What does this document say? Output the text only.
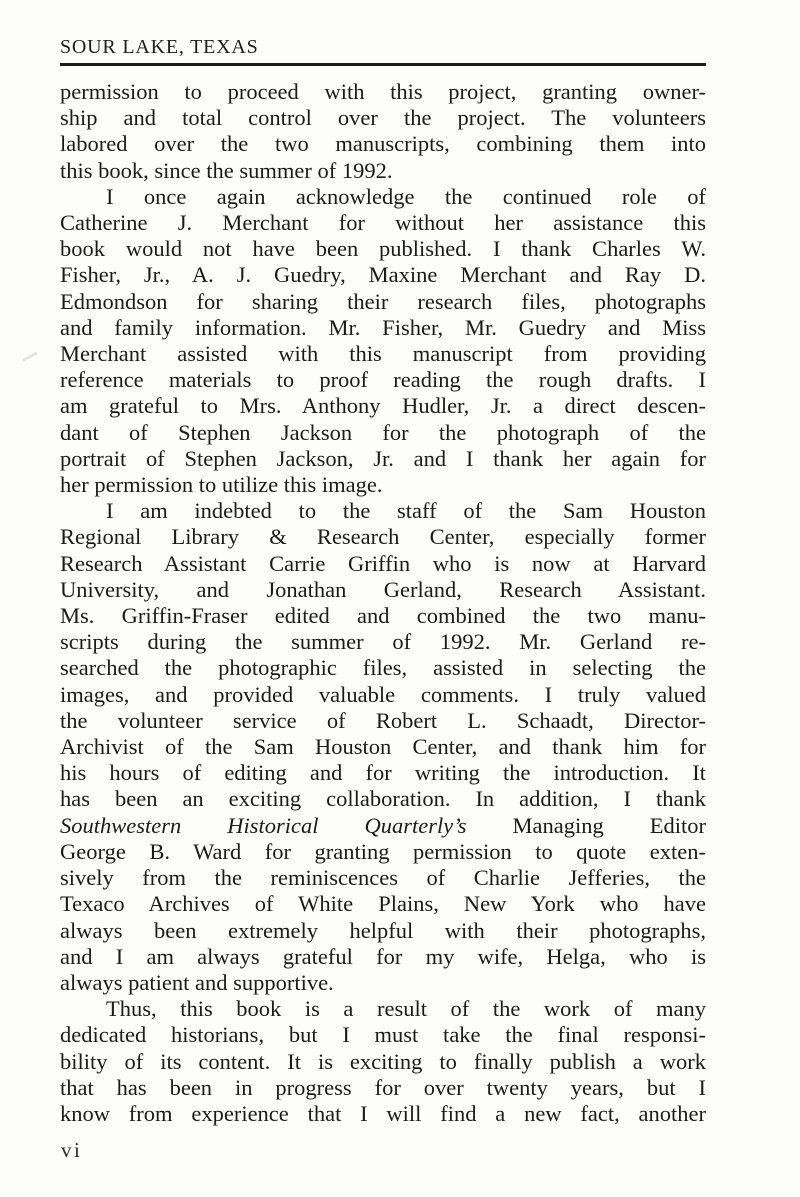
SOUR LAKE, TEXAS
permission to proceed with this project, granting owner-
ship and total control over the project. The volunteers
labored over the two manuscripts, combining them into
this book, since the summer of 1992.
I once again acknowledge the continued role of
Catherine J. Merchant for without her assistance this
book would not have been published. I thank Charles W.
Fisher, Jr., A. J. Guedry, Maxine Merchant and Ray D.
Edmondson for sharing their research files, photographs
and family information. Mr. Fisher, Mr. Guedry and Miss
Merchant assisted with this manuscript from providing
reference materials to proof reading the rough drafts. I
am grateful to Mrs. Anthony Hudler, Jr. a direct descen-
dant of Stephen Jackson for the photograph of the
portrait of Stephen Jackson, Jr. and I thank her again for
her permission to utilize this image.
I am indebted to the staff of the Sam Houston
Regional Library & Research Center, especially former
Research Assistant Carrie Griffin who is now at Harvard
University, and Jonathan Gerland, Research Assistant.
Ms. Griffin-Fraser edited and combined the two manu-
scripts during the summer of 1992. Mr. Gerland re-
searched the photographic files, assisted in selecting the
images, and provided valuable comments. I truly valued
the volunteer service of Robert L. Schaadt, Director-
Archivist of the Sam Houston Center, and thank him for
his hours of editing and for writing the introduction. It
has been an exciting collaboration. In addition, I thank
Southwestern Historical Quarterly’s Managing Editor
George B. Ward for granting permission to quote exten-
sively from the reminiscences of Charlie Jefferies, the
Texaco Archives of White Plains, New York who have
always been extremely helpful with their photographs,
and I am always grateful for my wife, Helga, who is
always patient and supportive.
Thus, this book is a result of the work of many
dedicated historians, but I must take the final responsi-
bility of its content. It is exciting to finally publish a work
that has been in progress for over twenty years, but I
know from experience that I will find a new fact, another
vi
